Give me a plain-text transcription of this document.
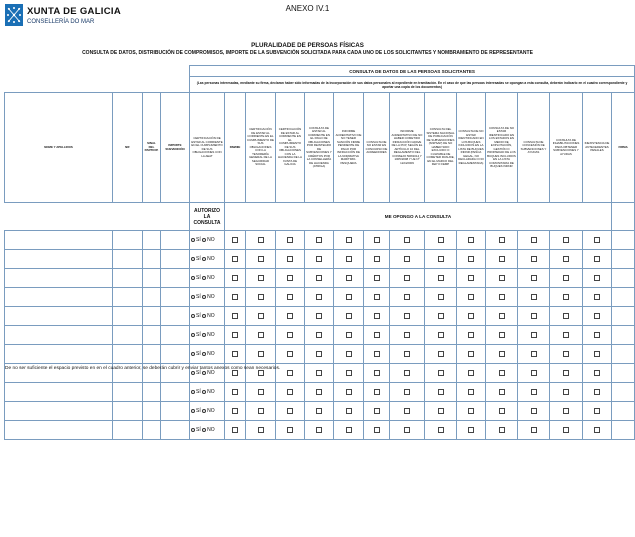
XUNTA DE GALICIA
CONSELLERÍA DO MAR
ANEXO IV.1
PLURALIDADE DE PERSOAS FÍSICAS
CONSULTA DE DATOS, DISTRIBUCIÓN DE COMPROMISOS, IMPORTE DE LA SUBVENCIÓN SOLICITADA PARA CADA UNO DE LOS SOLICITANTES Y NOMBRAMIENTO DE REPRESENTANTE
				CONSULTA DE DATOS DE LAS PERSOAS SOLICITANTES														
				(Las personas interesadas, mediante su firma, declaran haber sido informadas de la incorporación de sus datos personales al expediente en tramitación. En el caso de que las persoas interesadas se opongan a esta consulta, deberán indicarlo en el cuadro correspondiente y aportar una copia de los documentos)														
NOME Y APELLIDOS	NIF	SINAL DEL PARTICIP.	IMPORTE SUBVENCIÓN	CERTIFICACIÓN DE ESTAR AL CORRIENTE EN EL CUMPLIMIENTO DE SUS OBLIGACIONES CON LA AEAT	DNI/NIE	CERTIFICACIÓN DE ESTAR AL CORRIENTE EN EL CUMPLIMIENTO DE SUS OBLIGACIONES CON LA TESORERÍA GENERAL DE LA SEGURIDAD SOCIAL	CERTIFICACIÓN DE ESTAR AL CORRIENTE EN EL CUMPLIMIENTO DE SUS OBLIGACIONES CON LA HACIENDA DE LA XUNTA DE GALICIA	CONSULTA DE ESTAR AL CORRIENTE EN EL PAGO DE OBLIGACIONES POR REINTEGRO DE SUBVENCIONES Y CRÉDITOS POR LA CONSELLERÍA DE HACIENDA (ATRIGA)	INFORME ACREDITATIVO DE NO TENER SANCIÓN FIRME PENDIENTE DE PAGO POR INFRACCIÓN DE LA NORMATIVA MARÍTIMO-PESQUERA	CONSULTA DE NO ESTAR EN CONCURSO DE ACREEDORES	INFORME ACREDITATIVO DE NO HABER COMETIDO INFRACCIÓN GRAVE DE LA PCP, SEGÚN EL ARTÍCULO 10 DEL REGLAMENTO DEL CONSEJO 508/2014 Y 1005/2008 Y UE Nº 1224/2009	CONSULTA DEL SISTEMA NACIONAL DE PUBLICACIÓN DE SUBVENCIONES (SNPSAP) DE NO HABER SIDO EXCLUIDO O CULPABLE DE COMETER FRAUDE, EN EL MARCO DEL FEP O FEMP	CONSULTA DE NO ESTAR IDENTIFICADO EN LOS BUQUES INCLUIDOS EN LA LISTA DE BUQUES INDNR (PESCA ILEGAL, NO DECLARADA O NO REGLAMENTADA)	CONSULTA DE NO ESTAR IDENTIFICADO EN LOS ESTADOS EN MEDIO DE EXPLOTACIÓN, GESTIÓN O PROPIEDAD DE LOS BUQUES INCLUIDOS EN LA LISTA COMUNITARIA DE BUQUES INDNR	CONSULTA DE CONCESIÓN DE SUBVENCIONES Y AYUDAS	CONSULTA DE INHABILITACIONES PARA OBTENER SUBVENCIONES Y AYUDAS	INEXISTENCIA DE ANTECEDENTES PENALES	FIRMA
				AUTORIZO LA CONSULTA	ME OPONGO A LA CONSULTA													
				SÍ NO														
				SÍ NO														
				SÍ NO														
				SÍ NO														
				SÍ NO														
				SÍ NO														
				SÍ NO														
				SÍ NO														
				SÍ NO														
				SÍ NO														
				SÍ NO														
De no ser suficiente el espacio previsto en en el cuadro anterior, se deberán cubrir y enviar tantos anexos como sean necesarios.
